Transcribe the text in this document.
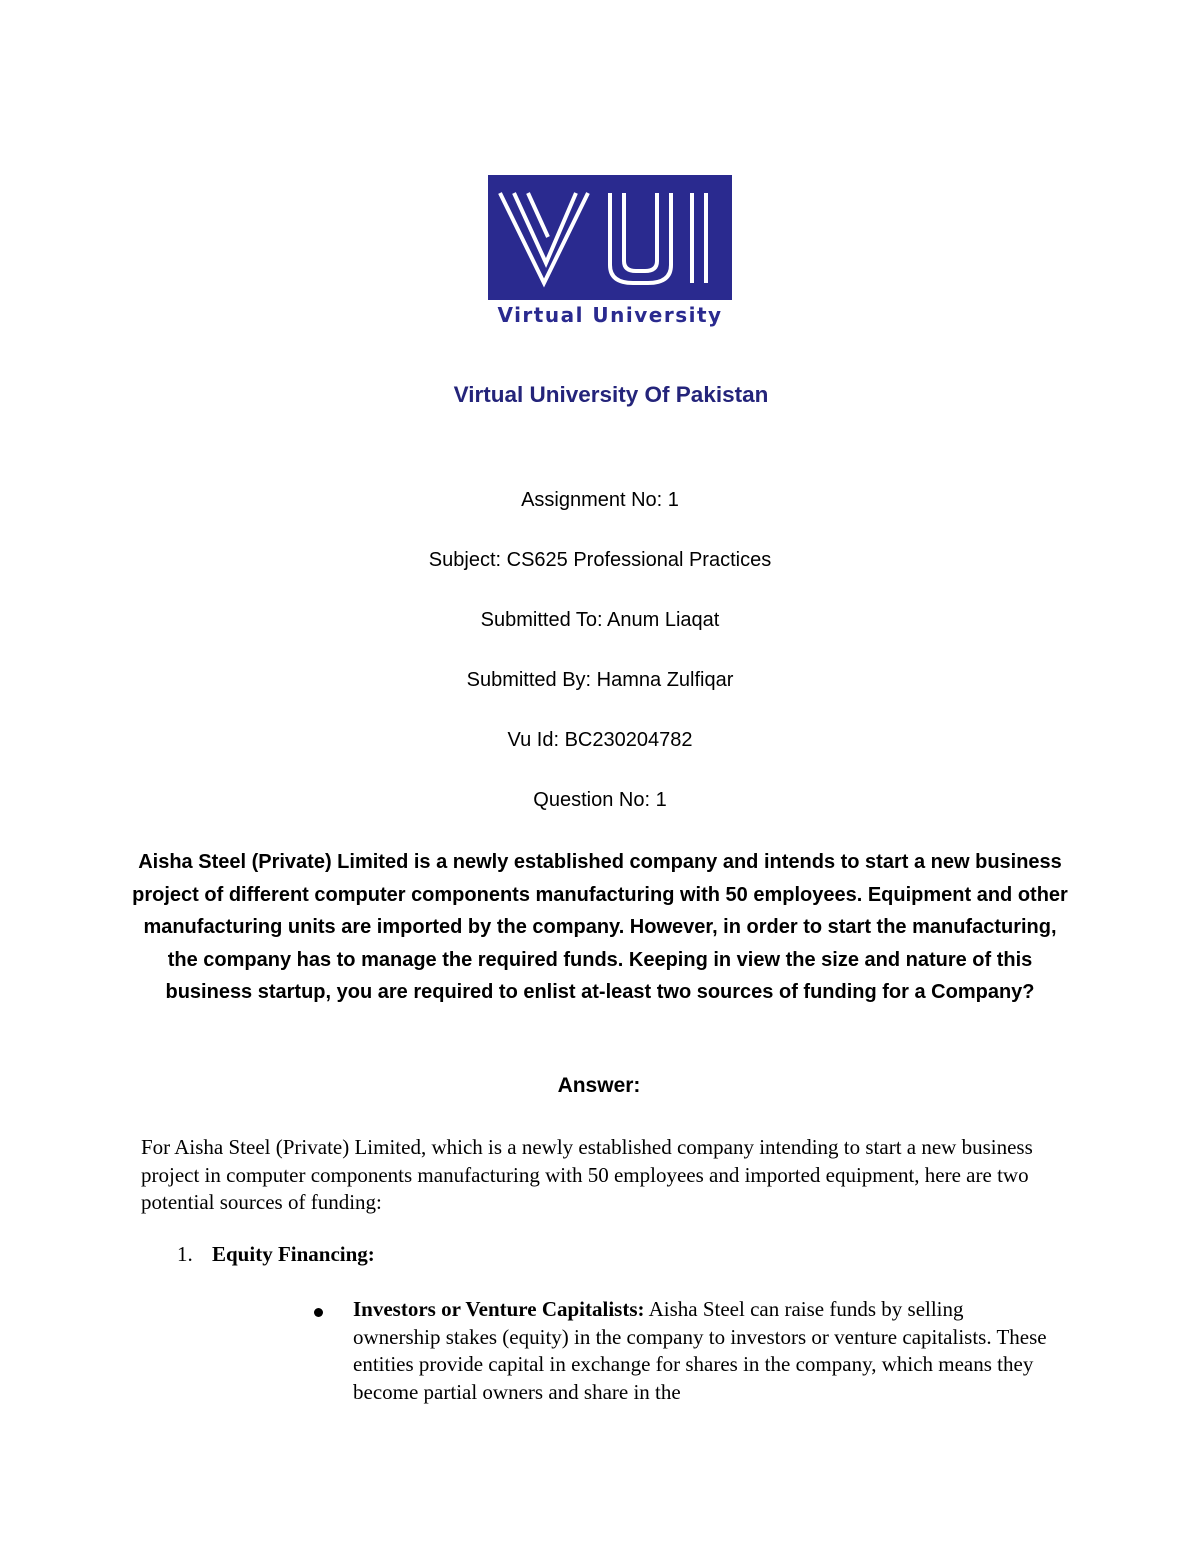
Virtual University
Virtual University Of Pakistan
Assignment No: 1
Subject: CS625 Professional Practices
Submitted To: Anum Liaqat
Submitted By: Hamna Zulfiqar
Vu Id: BC230204782
Question No: 1
Aisha Steel (Private) Limited is a newly established company and intends to start a new business project of different computer components manufacturing with 50 employees. Equipment and other manufacturing units are imported by the company. However, in order to start the manufacturing, the company has to manage the required funds. Keeping in view the size and nature of this business startup, you are required to enlist at-least two sources of funding for a Company?
Answer:
For Aisha Steel (Private) Limited, which is a newly established company intending to start a new business project in computer components manufacturing with 50 employees and imported equipment, here are two potential sources of funding:
1. Equity Financing:
Investors or Venture Capitalists: Aisha Steel can raise funds by selling ownership stakes (equity) in the company to investors or venture capitalists. These entities provide capital in exchange for shares in the company, which means they become partial owners and share in the
